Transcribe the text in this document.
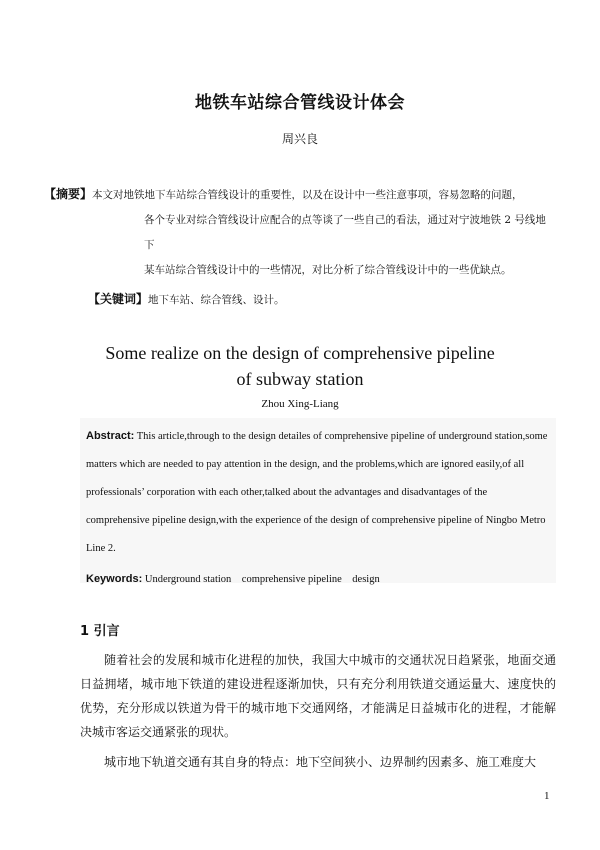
地铁车站综合管线设计体会
周兴良
【摘要】本文对地铁地下车站综合管线设计的重要性，以及在设计中一些注意事项，容易忽略的问题，
各个专业对综合管线设计应配合的点等谈了一些自己的看法，通过对宁波地铁 2 号线地下
某车站综合管线设计中的一些情况，对比分析了综合管线设计中的一些优缺点。
【关键词】地下车站、综合管线、设计。
Some realize on the design of comprehensive pipeline
of subway station
Zhou Xing-Liang
Abstract: This article,through to the design detailes of comprehensive pipeline of underground station,some matters which are needed to pay attention in the design, and the problems,which are ignored easily,of all professionals’ corporation with each other,talked about the advantages and disadvantages of the comprehensive pipeline design,with the experience of the design of comprehensive pipeline of Ningbo Metro Line 2.
Keywords: Underground station    comprehensive pipeline    design
1 引言
随着社会的发展和城市化进程的加快，我国大中城市的交通状况日趋紧张，地面交通日益拥堵，城市地下铁道的建设进程逐渐加快，只有充分利用铁道交通运量大、速度快的优势，充分形成以铁道为骨干的城市地下交通网络，才能满足日益城市化的进程，才能解决城市客运交通紧张的现状。
城市地下轨道交通有其自身的特点：地下空间狭小、边界制约因素多、施工难度大
1
